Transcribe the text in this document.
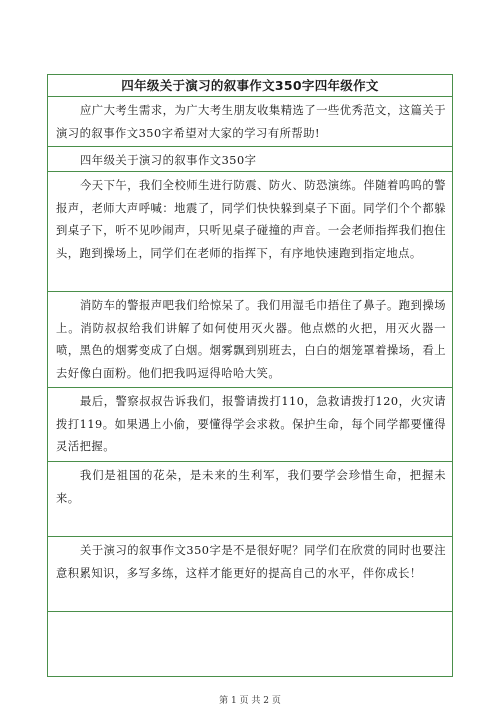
四年级关于演习的叙事作文350字四年级作文
应广大考生需求，为广大考生朋友收集精选了一些优秀范文，这篇关于演习的叙事作文350字希望对大家的学习有所帮助!
四年级关于演习的叙事作文350字
今天下午，我们全校师生进行防震、防火、防恐演练。伴随着呜呜的警报声，老师大声呼喊：地震了，同学们快快躲到桌子下面。同学们个个都躲到桌子下，听不见吵闹声，只听见桌子碰撞的声音。一会老师指挥我们抱住头，跑到操场上，同学们在老师的指挥下，有序地快速跑到指定地点。
消防车的警报声吧我们给惊呆了。我们用湿毛巾捂住了鼻子。跑到操场上。消防叔叔给我们讲解了如何使用灭火器。他点燃的火把，用灭火器一喷，黑色的烟雾变成了白烟。烟雾飘到别班去，白白的烟笼罩着操场，看上去好像白面粉。他们把我吗逗得哈哈大笑。
最后，警察叔叔告诉我们，报警请拨打110，急救请拨打120，火灾请拨打119。如果遇上小偷，要懂得学会求救。保护生命，每个同学都要懂得灵活把握。
我们是祖国的花朵，是未来的生利军，我们要学会珍惜生命，把握未来。
关于演习的叙事作文350字是不是很好呢？同学们在欣赏的同时也要注意积累知识，多写多练，这样才能更好的提高自己的水平，伴你成长！
第 1 页 共 2 页
